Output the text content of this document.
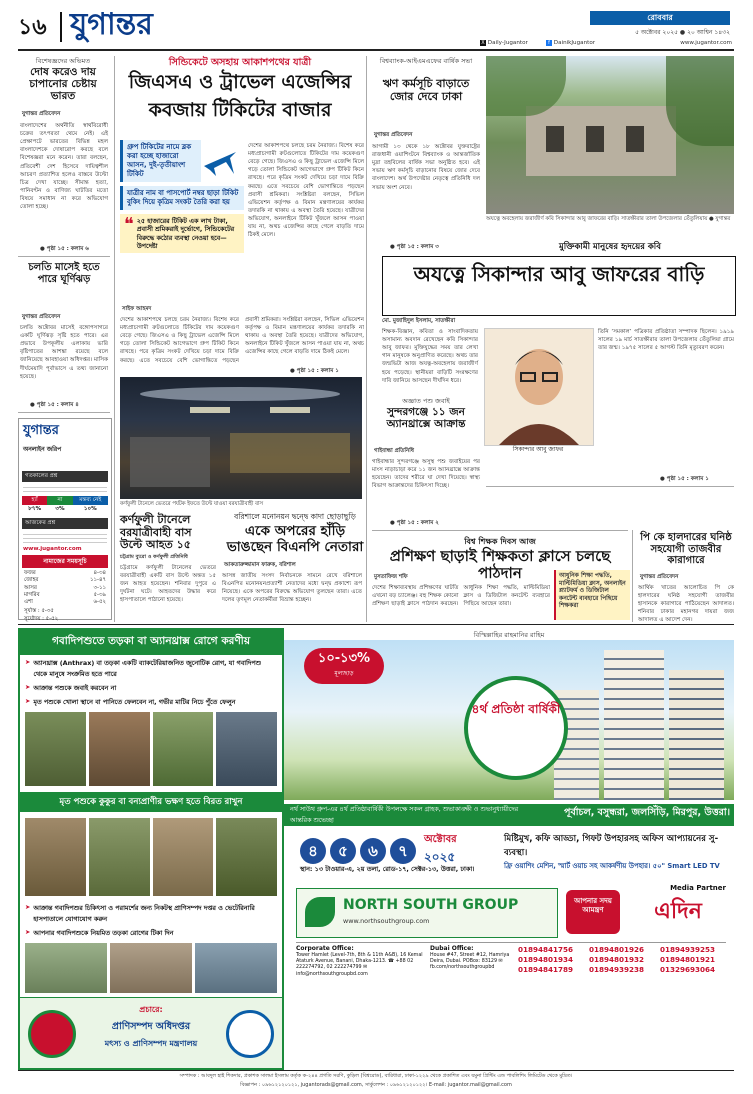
১৬ যুগান্তর	রোববার
৫ অক্টোবর ২০২৫ ● ২০ আশ্বিন ১৪৩২
X Daily-Jugantor	f DainikJugantor	www.jugantor.com
বিশেষজ্ঞদের অভিমত
দোষ করেও দায় চাপানোর চেষ্টায় ভারত
যুগান্তর প্রতিবেদন
বাংলাদেশের অর্থনীতি স্বার্থবিরোধী চক্রের তৎপরতা থেমে নেই। এই প্রেক্ষাপটে ভারতের বিভিন্ন মহল বাংলাদেশকে দোষারোপ করছে বলে বিশেষজ্ঞরা মনে করেন। তারা বলছেন, প্রতিবেশী দেশ হিসেবে দায়িত্বশীল আচরণ প্রত্যাশিত হলেও বাস্তবে উল্টো চিত্র দেখা যাচ্ছে। সীমান্ত হত্যা, পানিবণ্টন ও বাণিজ্য ঘাটতির মতো বিষয়ে সমাধান না করে অভিযোগ তোলা হচ্ছে।
● পৃষ্ঠা ১৫ : কলাম ৬
চলতি মাসেই হতে পারে ঘূর্ণিঝড়
যুগান্তর প্রতিবেদন
চলতি অক্টোবর মাসেই বঙ্গোপসাগরে একটি ঘূর্ণিঝড় সৃষ্টি হতে পারে। এর প্রভাবে উপকূলীয় এলাকায় ভারি বৃষ্টিপাতের আশঙ্কা রয়েছে বলে জানিয়েছে আবহাওয়া অধিদপ্তর। মাসিক দীর্ঘমেয়াদি পূর্বাভাসে এ তথ্য জানানো হয়েছে।
● পৃষ্ঠা ১৫ : কলাম ৪
যুগান্তর
অনলাইন জরিপ
গতকালের প্রশ্ন
হ্যাঁ	না	মন্তব্য নেই
৮৭%	৩%	১০%
আজকের প্রশ্ন
www.jugantor.com
নামাজের সময়সূচি
ফজর	৪-৩৪
জোহর	১১-৪৭
আসর	৩-১১
মাগরিব	৫-৩৯
এশা	৬-৫২
সূর্যাস্ত : ৫-৩৫
সূর্যোদয় : ৫-৫২
সিন্ডিকেটে অসহায় আকাশপথের যাত্রী
জিএসএ ও ট্রাভেল এজেন্সির
কবজায় টিকিটের বাজার
গ্রুপ টিকিটের নামে ব্লক করা হচ্ছে হাজারো আসন, দুই-তৃতীয়াংশ টিকিট
যাত্রীর নাম বা পাসপোর্ট নম্বর ছাড়া টিকিট বুকিং দিয়ে কৃত্রিম সংকট তৈরি করা হয়
❝ ২৫ হাজারের টিকিট এক লাখ টাকা, প্রবাসী শ্রমিকরাই দুর্ভোগে, সিন্ডিকেটের বিরুদ্ধে কঠোর ব্যবস্থা নেওয়া হবে—উপদেষ্টা
দেশের আকাশপথে চলছে চরম নৈরাজ্য। বিশেষ করে মধ্যপ্রাচ্যগামী রুটগুলোতে টিকিটের দাম কয়েকগুণ বেড়ে গেছে। জিএসএ ও কিছু ট্রাভেল এজেন্সি মিলে গড়ে তোলা সিন্ডিকেট আগেভাগে গ্রুপ টিকিট কিনে রাখছে। পরে কৃত্রিম সংকট দেখিয়ে চড়া দামে বিক্রি করছে। এতে সবচেয়ে বেশি ভোগান্তিতে পড়ছেন প্রবাসী শ্রমিকরা। সংশ্লিষ্টরা বলছেন, সিভিল এভিয়েশন কর্তৃপক্ষ ও বিমান মন্ত্রণালয়ের কার্যকর তদারকি না থাকায় এ অবস্থা তৈরি হয়েছে। যাত্রীদের অভিযোগ, অনলাইনে টিকিট খুঁজলে আসন পাওয়া যায় না, অথচ এজেন্সির কাছে গেলে বাড়তি দামে ঠিকই মেলে।
সাইফ আহমদ
দেশের আকাশপথে চলছে চরম নৈরাজ্য। বিশেষ করে মধ্যপ্রাচ্যগামী রুটগুলোতে টিকিটের দাম কয়েকগুণ বেড়ে গেছে। জিএসএ ও কিছু ট্রাভেল এজেন্সি মিলে গড়ে তোলা সিন্ডিকেট আগেভাগে গ্রুপ টিকিট কিনে রাখছে। পরে কৃত্রিম সংকট দেখিয়ে চড়া দামে বিক্রি করছে। এতে সবচেয়ে বেশি ভোগান্তিতে পড়ছেন প্রবাসী শ্রমিকরা। সংশ্লিষ্টরা বলছেন, সিভিল এভিয়েশন কর্তৃপক্ষ ও বিমান মন্ত্রণালয়ের কার্যকর তদারকি না থাকায় এ অবস্থা তৈরি হয়েছে। যাত্রীদের অভিযোগ, অনলাইনে টিকিট খুঁজলে আসন পাওয়া যায় না, অথচ এজেন্সির কাছে গেলে বাড়তি দামে ঠিকই মেলে।
● পৃষ্ঠা ১৫ : কলাম ১
কর্ণফুলী টানেলে ভেতরে পর্যটক ইফতে উল্টে যাওয়া বরযাত্রীবাহী বাস
বিশ্বব্যাংক-আইএমএফের বার্ষিক সভা
ঋণ কর্মসূচি বাড়াতে জোর দেবে ঢাকা
যুগান্তর প্রতিবেদন
আগামী ১৩ থেকে ১৮ অক্টোবর যুক্তরাষ্ট্রের রাজধানী ওয়াশিংটনে বিশ্বব্যাংক ও আন্তর্জাতিক মুদ্রা তহবিলের বার্ষিক সভা অনুষ্ঠিত হবে। এই সভায় ঋণ কর্মসূচি বাড়ানোর বিষয়ে জোর দেবে বাংলাদেশ। অর্থ উপদেষ্টার নেতৃত্বে প্রতিনিধি দল সভায় অংশ নেবে।
● পৃষ্ঠা ১৫ : কলাম ৩
অযত্নে অবহেলায় জরাজীর্ণ কবি সিকান্দার আবু জাফরের বাড়ি। সাতক্ষীরার তালা উপজেলার তেঁতুলিয়ায় ● যুগান্তর
মুক্তিকামী মানুষের হৃদয়ের কবি
অযত্নে সিকান্দার আবু জাফরের বাড়ি
মো. মুজাহিদুল ইসলাম, সাতক্ষীরা
শিক্ষক-বিজ্ঞান, কবিতা ও সাংবাদিকতায় অসামান্য অবদান রেখেছেন কবি সিকান্দার আবু জাফর। মুক্তিযুদ্ধের সময় তার লেখা গান মানুষকে অনুপ্রাণিত করেছে। অথচ তার জন্মভিটা আজ অযত্ন-অবহেলায় জরাজীর্ণ হয়ে পড়েছে। স্থানীয়রা বাড়িটি সংরক্ষণের দাবি জানিয়ে আসছেন দীর্ঘদিন ধরে।
সিকান্দার আবু জাফর
তিনি ‘সমকাল’ পত্রিকার প্রতিষ্ঠাতা সম্পাদক ছিলেন। ১৯১৯ সালের ১৯ মার্চ সাতক্ষীরার তালা উপজেলার তেঁতুলিয়া গ্রামে তার জন্ম। ১৯৭৫ সালের ৫ আগস্ট তিনি মৃত্যুবরণ করেন।
● পৃষ্ঠা ১৫ : কলাম ১
অজ্ঞাত পশু জবাই
সুন্দরগঞ্জে ১১ জন অ্যানথ্রাক্সে আক্রান্ত
গাইবান্ধা প্রতিনিধি
গাইবান্ধার সুন্দরগঞ্জে অসুস্থ পশু জবাইয়ের পর মাংস নাড়াচাড়া করে ১১ জন অ্যানথ্রাক্সে আক্রান্ত হয়েছেন। তাদের শরীরে ঘা দেখা দিয়েছে। স্বাস্থ্য বিভাগ আক্রান্তদের চিকিৎসা দিচ্ছে।
● পৃষ্ঠা ১৫ : কলাম ২
কর্ণফুলী টানেলে বরযাত্রীবাহী বাস উল্টে আহত ১৫
চট্টগ্রাম ব্যুরো ও কর্ণফুলী প্রতিনিধি
চট্টগ্রামে কর্ণফুলী টানেলের ভেতরে বরযাত্রীবাহী একটি বাস উল্টে অন্তত ১৫ জন আহত হয়েছেন। শনিবার দুপুরে এ দুর্ঘটনা ঘটে। আহতদের উদ্ধার করে হাসপাতালে পাঠানো হয়েছে।
বরিশালে মনোনয়ন দ্বন্দ্বে কাদা ছোড়াছুড়ি
একে অপরের হাঁড়ি ভাঙছেন বিএনপি নেতারা
আকতারুজ্জামান ফারুক, বরিশাল
আসন্ন জাতীয় সংসদ নির্বাচনকে সামনে রেখে বরিশালে বিএনপির মনোনয়নপ্রত্যাশী নেতাদের মধ্যে দ্বন্দ্ব প্রকাশ্যে রূপ নিয়েছে। একে অপরের বিরুদ্ধে অভিযোগ তুলছেন তারা। এতে দলের তৃণমূল নেতাকর্মীরা বিভ্রান্ত হচ্ছেন।
বিশ্ব শিক্ষক দিবস আজ
প্রশিক্ষণ ছাড়াই শিক্ষকতা ক্লাসে চলছে পাঠদান
মুসতাফিজ শফি
দেশের শিক্ষাব্যবস্থায় প্রশিক্ষণের ঘাটতি এখনো বড় চ্যালেঞ্জ। বহু শিক্ষক কোনো প্রশিক্ষণ ছাড়াই ক্লাসে পাঠদান করছেন। আধুনিক শিক্ষা পদ্ধতি, মাল্টিমিডিয়া ক্লাস ও ডিজিটাল কনটেন্ট ব্যবহারে পিছিয়ে আছেন তারা।
আধুনিক শিক্ষা পদ্ধতি, মাল্টিমিডিয়া ক্লাস, অনলাইন প্ল্যাটফর্ম ও ডিজিটাল কনটেন্ট ব্যবহারে পিছিয়ে শিক্ষকরা
পি কে হালদারের ঘনিষ্ঠ সহযোগী তাজবীর কারাগারে
যুগান্তর প্রতিবেদন
আর্থিক খাতের আলোচিত পি কে হালদারের ঘনিষ্ঠ সহযোগী তাজবীর হাসানকে কারাগারে পাঠিয়েছেন আদালত। শনিবার ঢাকার মহানগর দায়রা জজ আদালত এ আদেশ দেন।
গবাদিপশুতে তড়কা বা অ্যানথ্রাক্স রোগে করণীয়
➤ অ্যানথ্রাক্স (Anthrax) বা তড়কা একটি ব্যাকটেরিয়াজনিত জুনোটিক রোগ, যা গবাদিপশু থেকে মানুষে সংক্রমিত হতে পারে
➤ আক্রান্ত পশুকে জবাই করবেন না
➤ মৃত পশুকে খোলা স্থানে বা পানিতে ফেলবেন না, গভীর মাটির নিচে পুঁতে ফেলুন
মৃত পশুকে কুকুর বা বন্যপ্রাণীর ভক্ষণ হতে বিরত রাখুন
➤ আক্রান্ত গবাদিপশুর চিকিৎসা ও পরামর্শের জন্য নিকটস্থ প্রাণিসম্পদ দপ্তর ও ভেটেরিনারি হাসপাতালে যোগাযোগ করুন
➤ আপনার গবাদিপশুকে নিয়মিত তড়কা রোগের টিকা দিন
প্রচারে:
প্রাণিসম্পদ অধিদপ্তর
মৎস্য ও প্রাণিসম্পদ মন্ত্রণালয়
বিস্মিল্লাহির রাহমানির রাহিম
১০-১৩%
মূল্যছাড়
৪র্থ প্রতিষ্ঠা বার্ষিকী
নর্থ সাউথ গ্রুপ-এর ৪র্থ প্রতিষ্ঠাবার্ষিকী উপলক্ষে সকল গ্রাহক, শুভাকাঙ্ক্ষী ও শুভানুধ্যায়ীদের আন্তরিক শুভেচ্ছা
পূর্বাচল, বসুন্ধরা, জলসিঁড়ি, মিরপুর, উত্তরা।
৪	৫	৬	৭
অক্টোবর
২০২৫
মিষ্টিমুখ, কফি আড্ডা, গিফট উপহারসহ অফিস আপ্যায়নের সু-ব্যবস্থা।
স্থান: ১৩ টাওয়ার-এ, ২য় তলা, রোড-১৭, সেক্টর-১৩, উত্তরা, ঢাকা।	ফ্রি ওয়াশিং মেশিন, স্মার্ট ওয়াচ সহ আকর্ষণীয় উপহার। ৫০" Smart LED TV
NORTH SOUTH GROUP
www.northsouthgroup.com
আপনার সদয় আমন্ত্রণ
Media Partner
এদিন
Corporate Office:
Tower Hamlet (Level-7th, 8th & 11th A&B), 16 Kemal Ataturk Avenue, Banani, Dhaka-1213. ☎ +88 02 222274792, 02 222274799 ✉ info@northsouthgroupbd.com
Dubai Office:
House #47, Street #12, Hamriya Deira, Dubai. POBox: 83129 ✉ fb.com/northsouthgroupbd
01894841756	01894801926	01894939253
01894801934	01894801932	01894801921
01894841789	01894939238	01329693064
সম্পাদক : আবদুল হাই শিকদার, প্রকাশক সালমা ইসলাম কর্তৃক ক-২৪৪ প্রগতি সরণি, কুড়িল (বিশ্বরোড), বারিধারা, ঢাকা-১২২৯ থেকে প্রকাশিত এবং যমুনা প্রিন্টিং এন্ড পাবলিশিং লিমিটেড থেকে মুদ্রিত।
বিজ্ঞাপন : ০৯৬১২১২০১২১, jugantorads@gmail.com, সার্কুলেশন : ০৯৬১২১২০১২২। E-mail: jugantor.mail@gmail.com
